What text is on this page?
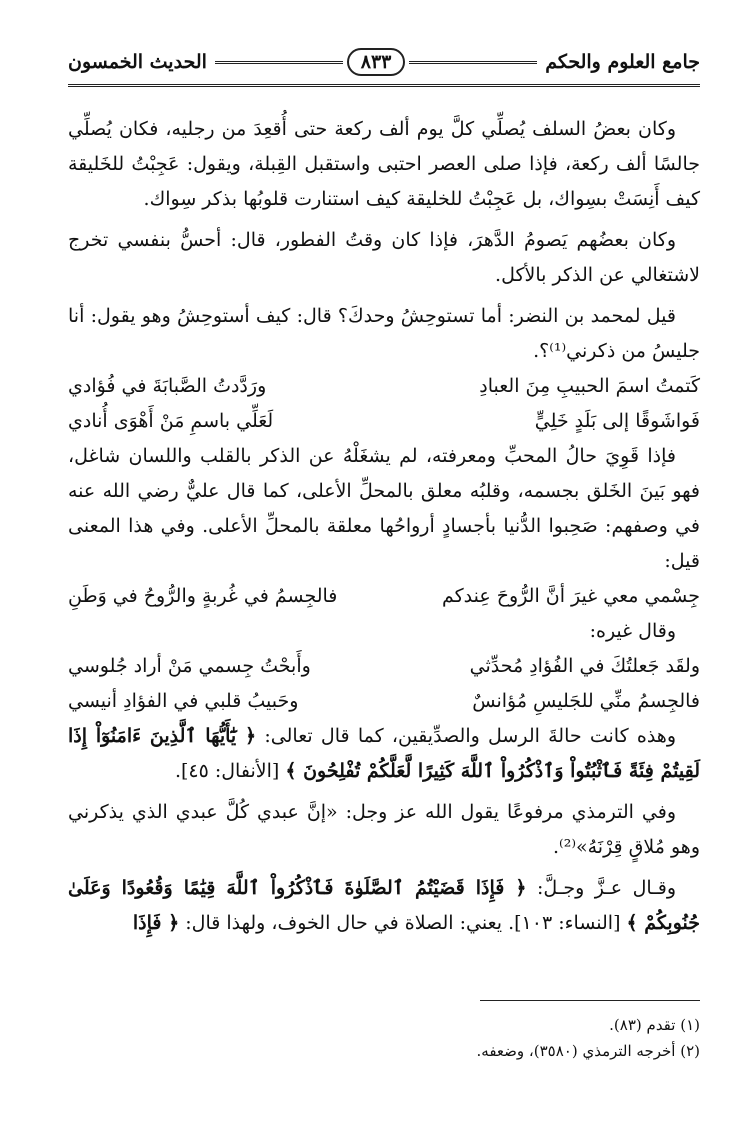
جامع العلوم والحكم
٨٣٣
الحديث الخمسون

وكان بعضُ السلف يُصلِّي كلَّ يوم ألف ركعة حتى أُقعِدَ من رجليه، فكان يُصلِّي جالسًا ألف ركعة، فإذا صلى العصر احتبى واستقبل القِبلة، ويقول: عَجِبْتُ للخَليقة كيف أَنِسَتْ بسِواك، بل عَجِبْتُ للخليقة كيف استنارت قلوبُها بذكر سِواك.

وكان بعضُهم يَصومُ الدَّهرَ، فإذا كان وقتُ الفطور، قال: أحسُّ بنفسي تخرج لاشتغالي عن الذكر بالأكل.

قيل لمحمد بن النضر: أما تستوحِشُ وحدكَ؟ قال: كيف أستوحِشُ وهو يقول: أنا جليسُ من ذكرني⁽¹⁾؟.

كَتمتُ اسمَ الحبيبِ مِنَ العبادِ
ورَدَّدتُ الصَّبابَةَ في فُؤادي
فَواشَوقًا إلى بَلَدٍ خَلِيٍّ
لَعَلِّي باسمِ مَنْ أَهْوَى أُنادي

فإذا قَوِيَ حالُ المحبِّ ومعرفته، لم يشغَلْهُ عن الذكر بالقلب واللسان شاغل، فهو بَينَ الخَلق بجسمه، وقلبُه معلق بالمحلِّ الأعلى، كما قال عليٌّ رضي الله عنه في وصفهم: صَحِبوا الدُّنيا بأجسادٍ أرواحُها معلقة بالمحلِّ الأعلى. وفي هذا المعنى قيل:

جِسْمي معي غيرَ أنَّ الرُّوحَ عِندكم
فالجِسمُ في غُربةٍ والرُّوحُ في وَطَنِ

وقال غيره:

ولقَد جَعلتُكَ في الفُؤادِ مُحدِّثي
وأَبحْتُ جِسمي مَنْ أراد جُلوسي
فالجِسمُ منِّي للجَليسِ مُؤانسٌ
وحَبيبُ قلبي في الفؤادِ أنيسي

وهذه كانت حالةَ الرسل والصدِّيقين، كما قال تعالى: ﴿ يَٰٓأَيُّهَا ٱلَّذِينَ ءَامَنُوٓاْ إِذَا لَقِيتُمْ فِئَةً فَٱثْبُتُواْ وَٱذْكُرُواْ ٱللَّهَ كَثِيرًا لَّعَلَّكُمْ تُفْلِحُونَ ﴾ [الأنفال: ٤٥].

وفي الترمذي مرفوعًا يقول الله عز وجل: «إنَّ عبدي كُلَّ عبدي الذي يذكرني وهو مُلاقٍ قِرْنَهُ»⁽²⁾.

وقـال عـزَّ وجـلَّ: ﴿ فَإِذَا قَضَيْتُمُ ٱلصَّلَوٰةَ فَٱذْكُرُواْ ٱللَّهَ قِيَٰمًا وَقُعُودًا وَعَلَىٰ جُنُوبِكُمْ ﴾ [النساء: ١٠٣]. يعني: الصلاة في حال الخوف، ولهذا قال: ﴿ فَإِذَا

(١) تقدم (٨٣).
(٢) أخرجه الترمذي (٣٥٨٠)، وضعفه.
